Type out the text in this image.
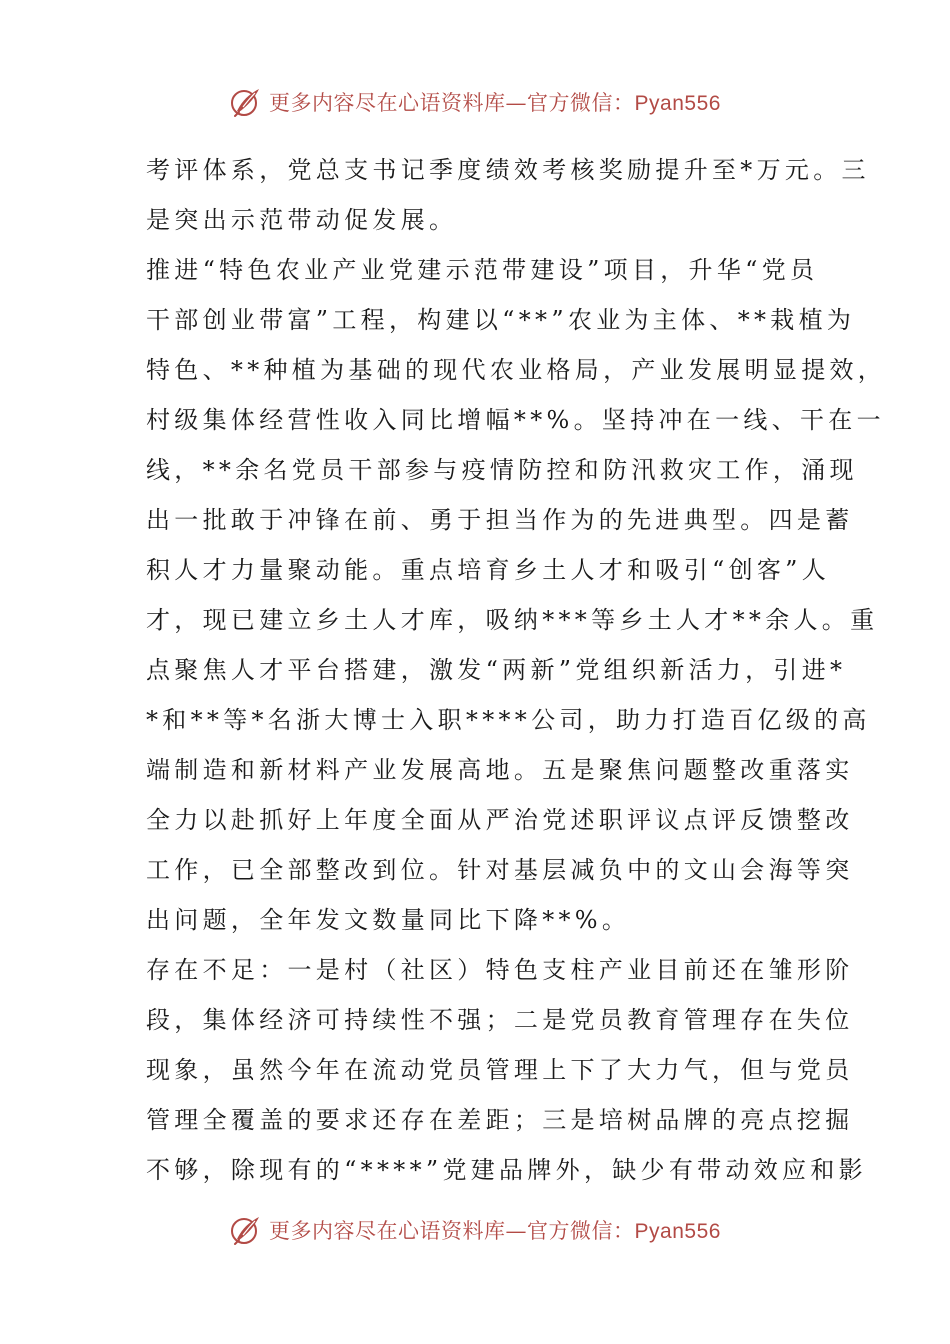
更多内容尽在心语资料库—官方微信：Pyan556
考评体系，党总支书记季度绩效考核奖励提升至*万元。三
是突出示范带动促发展。
推进“特色农业产业党建示范带建设”项目，升华“党员
干部创业带富”工程，构建以“**”农业为主体、**栽植为
特色、**种植为基础的现代农业格局，产业发展明显提效，
村级集体经营性收入同比增幅**%。坚持冲在一线、干在一
线，**余名党员干部参与疫情防控和防汛救灾工作，涌现
出一批敢于冲锋在前、勇于担当作为的先进典型。四是蓄
积人才力量聚动能。重点培育乡土人才和吸引“创客”人
才，现已建立乡土人才库，吸纳***等乡土人才**余人。重
点聚焦人才平台搭建，激发“两新”党组织新活力，引进*
*和**等*名浙大博士入职****公司，助力打造百亿级的高
端制造和新材料产业发展高地。五是聚焦问题整改重落实
全力以赴抓好上年度全面从严治党述职评议点评反馈整改
工作，已全部整改到位。针对基层减负中的文山会海等突
出问题，全年发文数量同比下降**%。
存在不足：一是村（社区）特色支柱产业目前还在雏形阶
段，集体经济可持续性不强；二是党员教育管理存在失位
现象，虽然今年在流动党员管理上下了大力气，但与党员
管理全覆盖的要求还存在差距；三是培树品牌的亮点挖掘
不够，除现有的“****”党建品牌外，缺少有带动效应和影
更多内容尽在心语资料库—官方微信：Pyan556
